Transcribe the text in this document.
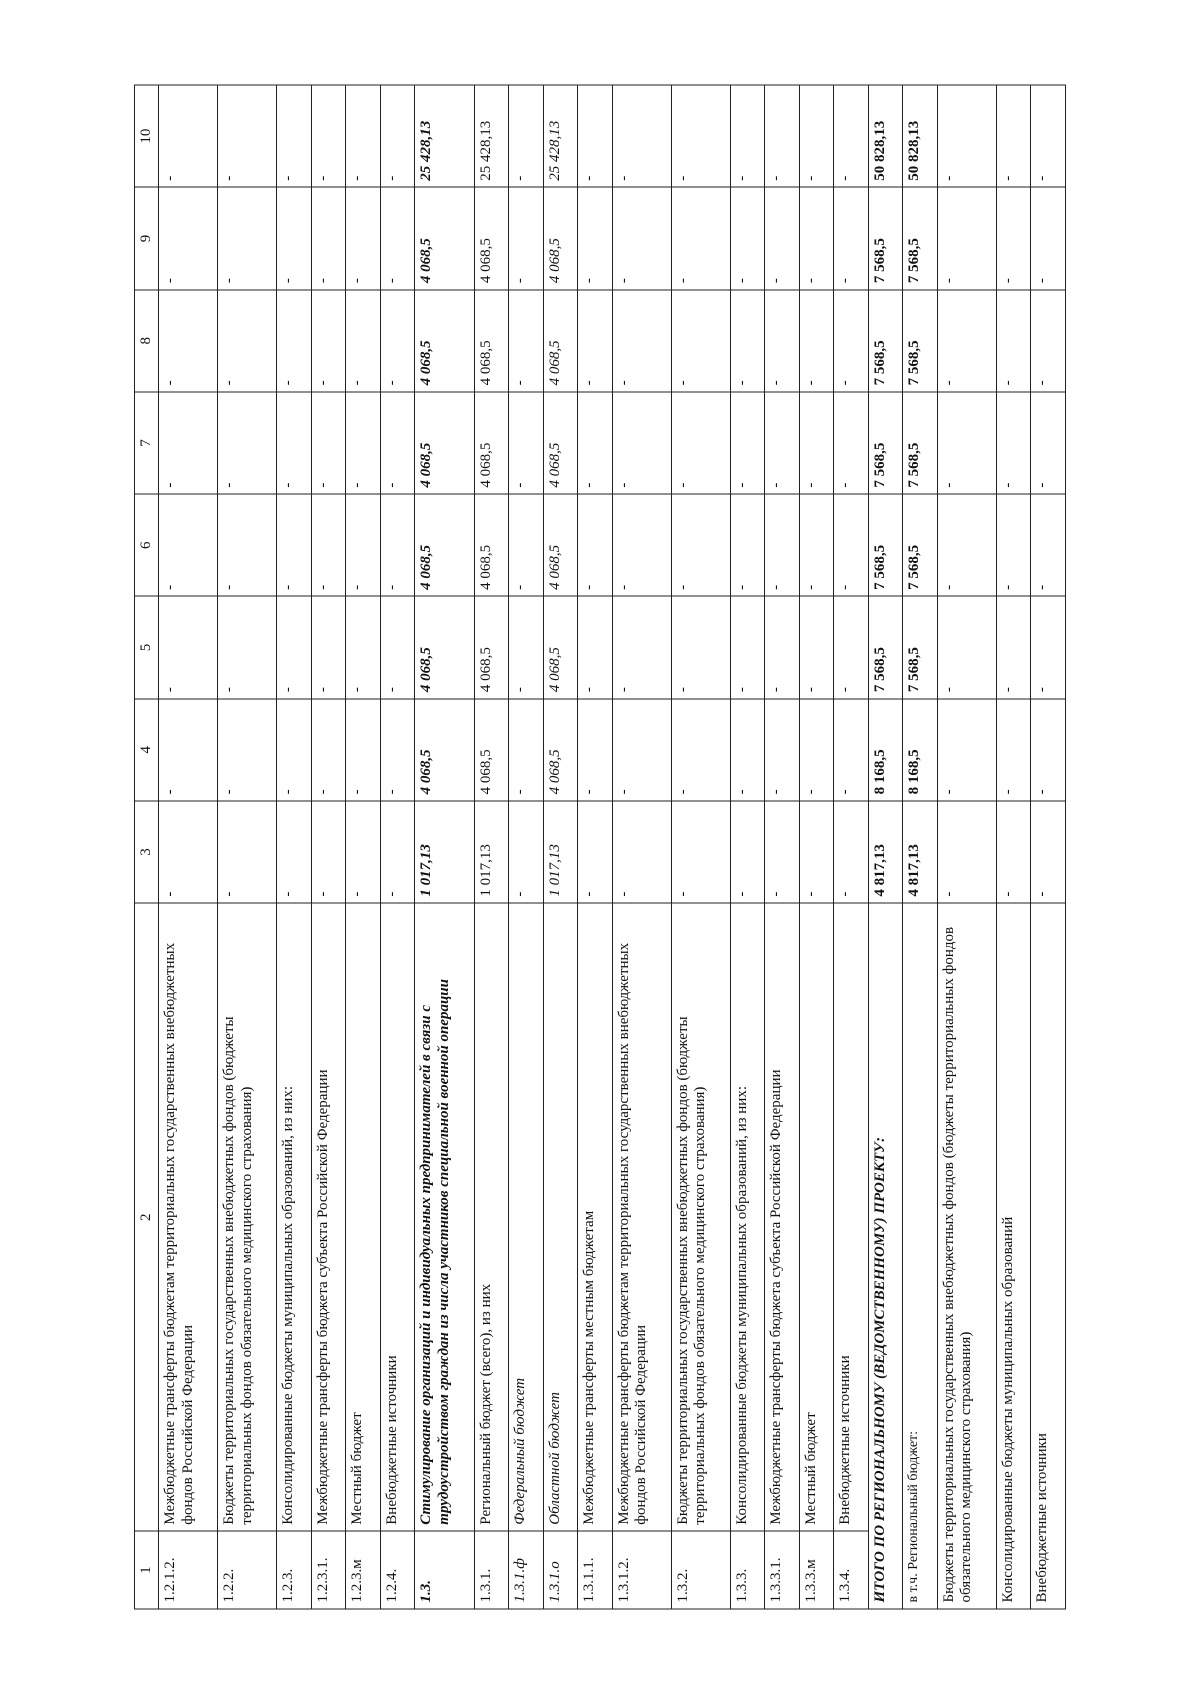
1	2	3	4	5	6	7	8	9	10
1.2.1.2.	Межбюджетные трансферты бюджетам территориальных государственных внебюджетных фондов Российской Федерации	-	-	-	-	-	-	-	-
1.2.2.	Бюджеты территориальных государственных внебюджетных фондов (бюджеты территориальных фондов обязательного медицинского страхования)	-	-	-	-	-	-	-	-
1.2.3.	Консолидированные бюджеты муниципальных образований, из них:	-	-	-	-	-	-	-	-
1.2.3.1.	Межбюджетные трансферты бюджета субъекта Российской Федерации	-	-	-	-	-	-	-	-
1.2.3.м	Местный бюджет	-	-	-	-	-	-	-	-
1.2.4.	Внебюджетные источники	-	-	-	-	-	-	-	-
1.3.	Стимулирование организаций и индивидуальных предпринимателей в связи с трудоустройством граждан из числа участников специальной военной операции	1 017,13	4 068,5	4 068,5	4 068,5	4 068,5	4 068,5	4 068,5	25 428,13
1.3.1.	Региональный бюджет (всего), из них	1 017,13	4 068,5	4 068,5	4 068,5	4 068,5	4 068,5	4 068,5	25 428,13
1.3.1.ф	Федеральный бюджет	-	-	-	-	-	-	-	-
1.3.1.о	Областной бюджет	1 017,13	4 068,5	4 068,5	4 068,5	4 068,5	4 068,5	4 068,5	25 428,13
1.3.1.1.	Межбюджетные трансферты местным бюджетам	-	-	-	-	-	-	-	-
1.3.1.2.	Межбюджетные трансферты бюджетам территориальных государственных внебюджетных фондов Российской Федерации	-	-	-	-	-	-	-	-
1.3.2.	Бюджеты территориальных государственных внебюджетных фондов (бюджеты территориальных фондов обязательного медицинского страхования)	-	-	-	-	-	-	-	-
1.3.3.	Консолидированные бюджеты муниципальных образований, из них:	-	-	-	-	-	-	-	-
1.3.3.1.	Межбюджетные трансферты бюджета субъекта Российской Федерации	-	-	-	-	-	-	-	-
1.3.3.м	Местный бюджет	-	-	-	-	-	-	-	-
1.3.4.	Внебюджетные источники	-	-	-	-	-	-	-	-
ИТОГО ПО РЕГИОНАЛЬНОМУ (ВЕДОМСТВЕННОМУ) ПРОЕКТУ:		4 817,13	8 168,5	7 568,5	7 568,5	7 568,5	7 568,5	7 568,5	50 828,13
в т.ч. Региональный бюджет:		4 817,13	8 168,5	7 568,5	7 568,5	7 568,5	7 568,5	7 568,5	50 828,13
Бюджеты территориальных государственных внебюджетных фондов (бюджеты территориальных фондов обязательного медицинского страхования)		-	-	-	-	-	-	-	-
Консолидированные бюджеты муниципальных образований		-	-	-	-	-	-	-	-
Внебюджетные источники		-	-	-	-	-	-	-	-
